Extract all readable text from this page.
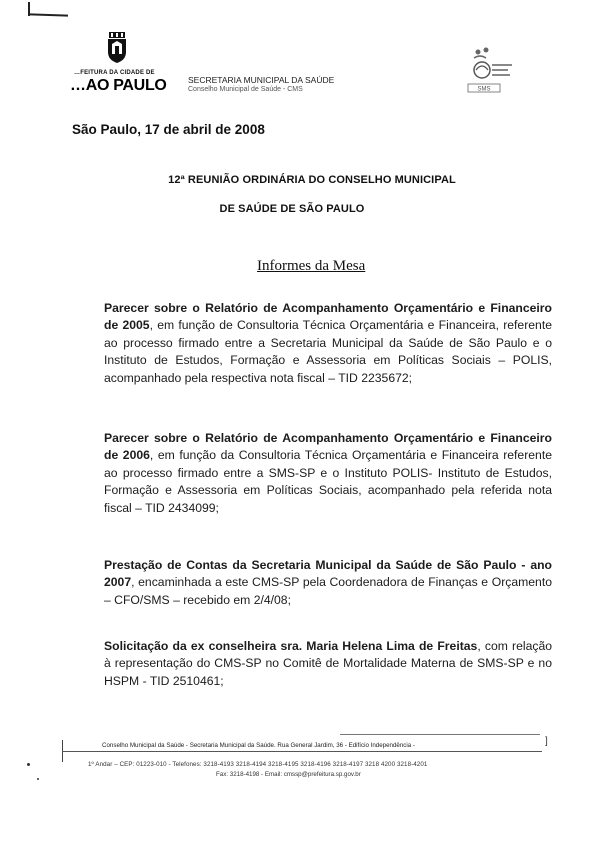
…FEITURA DA CIDADE DE
…AO PAULO	SECRETARIA MUNICIPAL DA SAÚDE
Conselho Municipal de Saúde - CMS	SMS
São Paulo, 17 de abril de 2008
12ª REUNIÃO ORDINÁRIA DO CONSELHO MUNICIPAL
DE SAÚDE DE SÃO PAULO
Informes da Mesa
Parecer sobre o Relatório de Acompanhamento Orçamentário e Financeiro de 2005, em função de Consultoria Técnica Orçamentária e Financeira, referente ao processo firmado entre a Secretaria Municipal da Saúde de São Paulo e o Instituto de Estudos, Formação e Assessoria em Políticas Sociais – POLIS, acompanhado pela respectiva nota fiscal – TID 2235672;
Parecer sobre o Relatório de Acompanhamento Orçamentário e Financeiro de 2006, em função da Consultoria Técnica Orçamentária e Financeira referente ao processo firmado entre a SMS-SP e o Instituto POLIS- Instituto de Estudos, Formação e Assessoria em Políticas Sociais, acompanhado pela referida nota fiscal – TID 2434099;
Prestação de Contas da Secretaria Municipal da Saúde de São Paulo - ano 2007, encaminhada a este CMS-SP pela Coordenadora de Finanças e Orçamento – CFO/SMS – recebido em 2/4/08;
Solicitação da ex conselheira sra. Maria Helena Lima de Freitas, com relação à representação do CMS-SP no Comitê de Mortalidade Materna de SMS-SP e no HSPM - TID 2510461;
]
Conselho Municipal da Saúde - Secretaria Municipal da Saúde. Rua General Jardim, 36 - Edifício Independência -
1º Andar – CEP: 01223-010 - Telefones: 3218-4193 3218-4194 3218-4195 3218-4196 3218-4197 3218 4200 3218-4201
Fax: 3218-4198 - Email: cmssp@prefeitura.sp.gov.br
